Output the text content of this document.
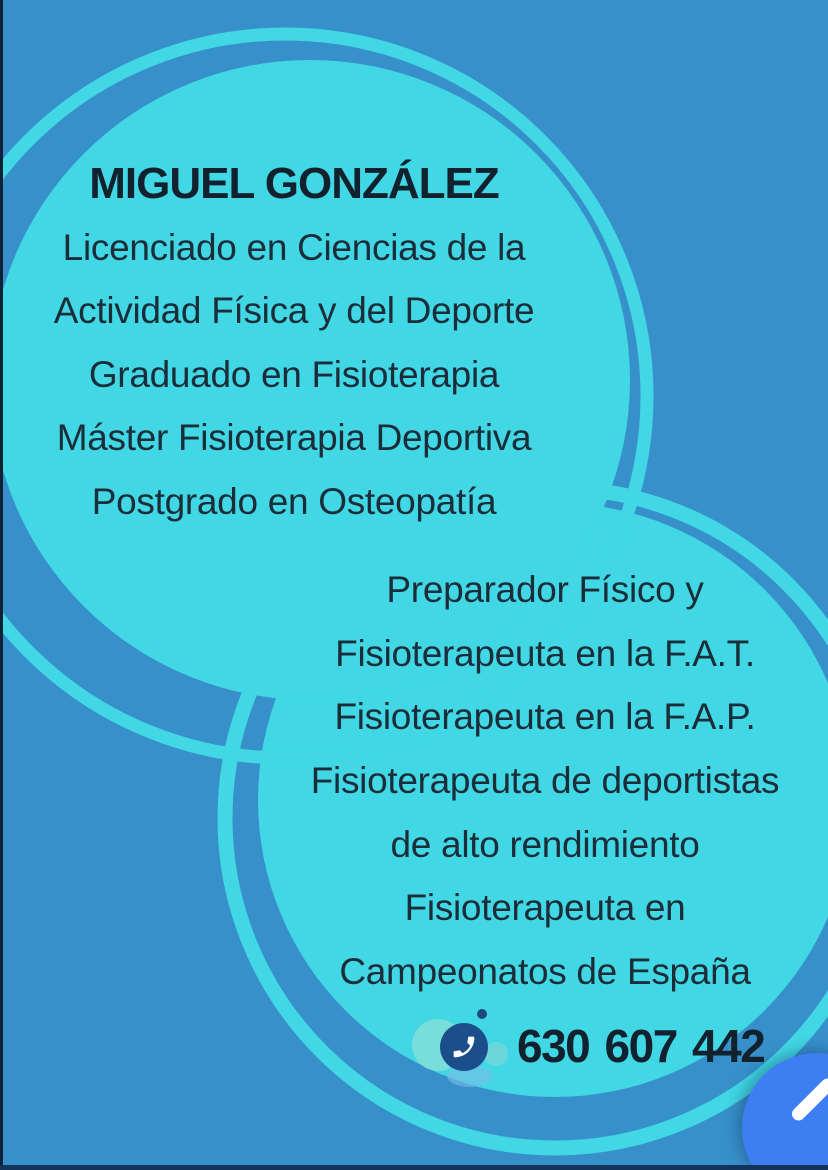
MIGUEL GONZÁLEZ
Licenciado en Ciencias de la
Actividad Física y del Deporte
Graduado en Fisioterapia
Máster Fisioterapia Deportiva
Postgrado en Osteopatía
Preparador Físico y
Fisioterapeuta en la F.A.T.
Fisioterapeuta en la F.A.P.
Fisioterapeuta de deportistas
de alto rendimiento
Fisioterapeuta en
Campeonatos de España
630 607 442
